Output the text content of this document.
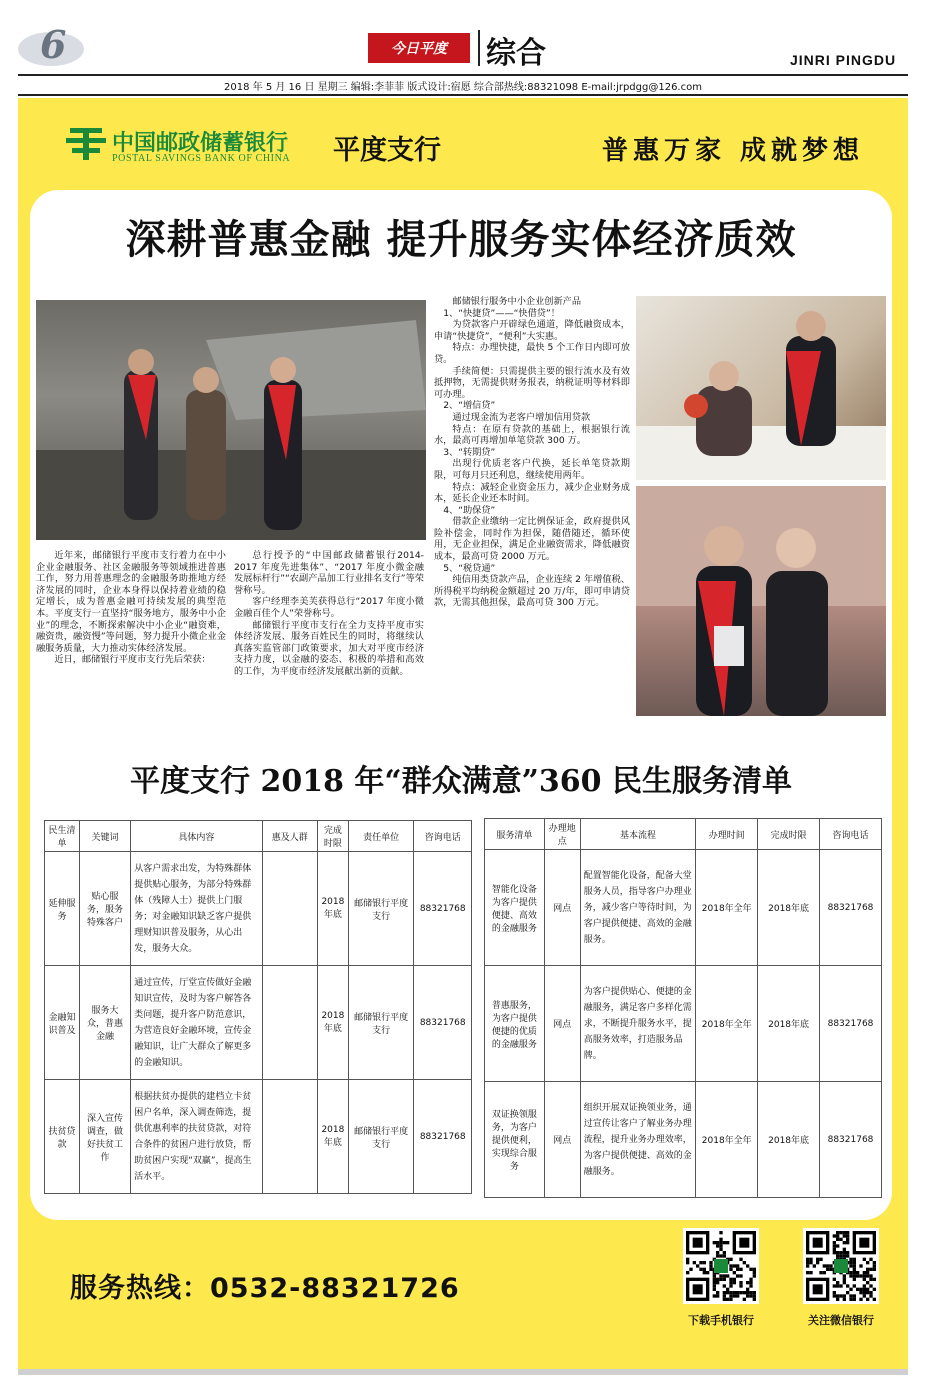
6	今日平度	综合	JINRI PINGDU
2018 年 5 月 16 日 星期三 编辑:李菲菲 版式设计:宿愿 综合部热线:88321098 E-mail:jrpdgg@126.com
中国邮政储蓄银行
POSTAL SAVINGS BANK OF CHINA 平度支行	普惠万家 成就梦想
深耕普惠金融 提升服务实体经济质效

近年来，邮储银行平度市支行着力在中小企业金融服务、社区金融服务等领域推进普惠工作，努力用普惠理念的金融服务助推地方经济发展的同时，企业本身得以保持着业绩的稳定增长，成为普惠金融可持续发展的典型范本。平度支行一直坚持“服务地方，服务中小企业”的理念，不断探索解决中小企业“融资难，融资贵，融资慢”等问题，努力提升小微企业金融服务质量，大力推动实体经济发展。

近日，邮储银行平度市支行先后荣获：

总行授予的“中国邮政储蓄银行2014-2017 年度先进集体”、“2017 年度小微金融发展标杆行”“农副产品加工行业排名支行”等荣誉称号。

客户经理李美芙获得总行“2017 年度小微金融百佳个人”荣誉称号。

邮储银行平度市支行在全力支持平度市实体经济发展、服务百姓民生的同时，将继续认真落实监管部门政策要求，加大对平度市经济支持力度，以金融的姿态、积极的举措和高效的工作，为平度市经济发展献出新的贡献。

邮储银行服务中小企业创新产品

1、“快捷贷”——“快借贷”！

为贷款客户开辟绿色通道，降低融资成本，申请“快捷贷”，“便利”大实惠。

特点：办理快捷，最快 5 个工作日内即可放贷。

手续简便：只需提供主要的银行流水及有效抵押物，无需提供财务报表，纳税证明等材料即可办理。

2、“增信贷”

通过现金流为老客户增加信用贷款

特点：在原有贷款的基础上，根据银行流水，最高可再增加单笔贷款 300 万。

3、“转期贷”

出现行优质老客户代换，延长单笔贷款期限，可每月只还利息，继续使用两年。

特点：减轻企业资金压力，减少企业财务成本，延长企业还本时间。

4、“助保贷”

借款企业缴纳一定比例保证金，政府提供风险补偿金，同时作为担保，随借随还，循环使用，无企业担保，满足企业融资需求，降低融资成本，最高可贷 2000 万元。

5、“税贷通”

纯信用类贷款产品，企业连续 2 年增值税、所得税平均纳税金额超过 20 万/年，即可申请贷款，无需其他担保，最高可贷 300 万元。

平度支行 2018 年“群众满意”360 民生服务清单
民生清单	关键词	具体内容	惠及人群	完成时限	责任单位	咨询电话
延伸服务	贴心服务，服务特殊客户	从客户需求出发，为特殊群体提供贴心服务，为部分特殊群体（残障人士）提供上门服务；对金融知识缺乏客户提供理财知识普及服务，从心出发，服务大众。		2018年底	邮储银行平度支行	88321768
金融知识普及	服务大众，普惠金融	通过宣传，厅堂宣传做好金融知识宣传，及时为客户解答各类问题，提升客户防范意识，为营造良好金融环境，宣传金融知识，让广大群众了解更多的金融知识。		2018年底	邮储银行平度支行	88321768
扶贫贷款	深入宣传调查，做好扶贫工作	根据扶贫办提供的建档立卡贫困户名单，深入调查筛选，提供优惠利率的扶贫贷款，对符合条件的贫困户进行放贷，帮助贫困户实现“双赢”，提高生活水平。		2018年底	邮储银行平度支行	88321768
服务清单	办理地点	基本流程	办理时间	完成时限	咨询电话
智能化设备为客户提供便捷、高效的金融服务	网点	配置智能化设备，配备大堂服务人员，指导客户办理业务，减少客户等待时间，为客户提供便捷、高效的金融服务。	2018年全年	2018年底	88321768
普惠服务，为客户提供便捷的优质的金融服务	网点	为客户提供贴心、便捷的金融服务，满足客户多样化需求，不断提升服务水平，提高服务效率，打造服务品牌。	2018年全年	2018年底	88321768
双证换领服务，为客户提供便利，实现综合服务	网点	组织开展双证换领业务，通过宣传让客户了解业务办理流程，提升业务办理效率，为客户提供便捷、高效的金融服务。	2018年全年	2018年底	88321768
服务热线：0532-88321726
下载手机银行	关注微信银行
